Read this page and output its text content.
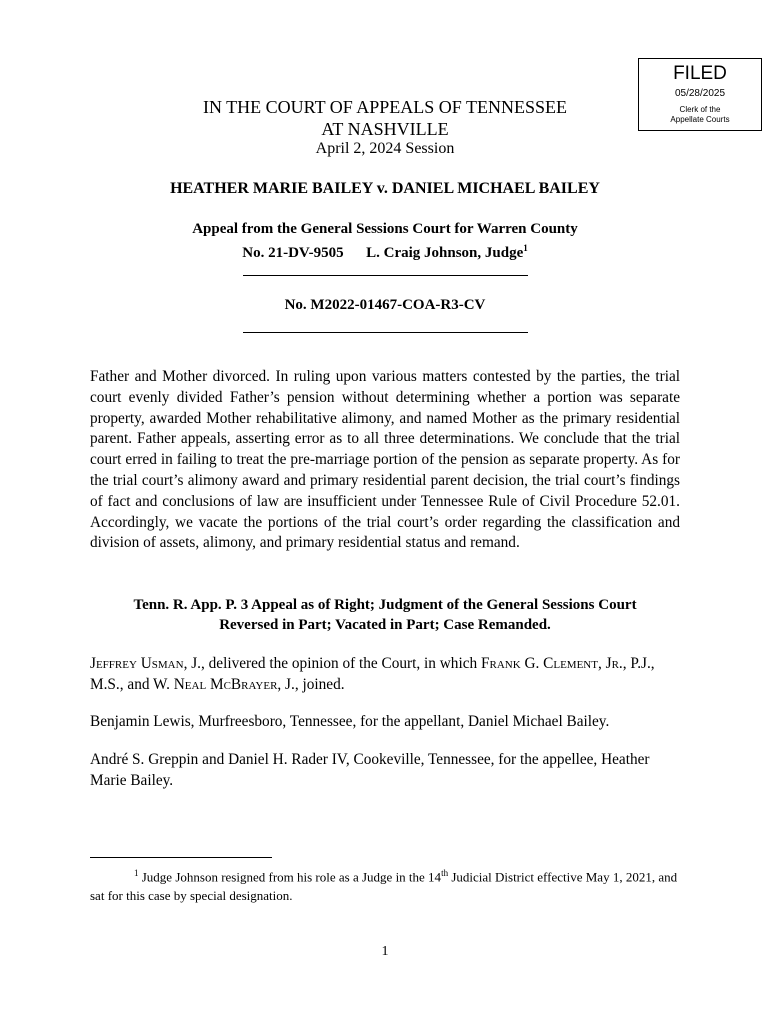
FILED
05/28/2025
Clerk of the
Appellate Courts
IN THE COURT OF APPEALS OF TENNESSEE
AT NASHVILLE
April 2, 2024 Session
HEATHER MARIE BAILEY v. DANIEL MICHAEL BAILEY
Appeal from the General Sessions Court for Warren County
No. 21-DV-9505 L. Craig Johnson, Judge$^1$
No. M2022-01467-COA-R3-CV
Father and Mother divorced. In ruling upon various matters contested by the parties, the trial court evenly divided Father’s pension without determining whether a portion was separate property, awarded Mother rehabilitative alimony, and named Mother as the primary residential parent. Father appeals, asserting error as to all three determinations. We conclude that the trial court erred in failing to treat the pre-marriage portion of the pension as separate property. As for the trial court’s alimony award and primary residential parent decision, the trial court’s findings of fact and conclusions of law are insufficient under Tennessee Rule of Civil Procedure 52.01. Accordingly, we vacate the portions of the trial court’s order regarding the classification and division of assets, alimony, and primary residential status and remand.
Tenn. R. App. P. 3 Appeal as of Right; Judgment of the General Sessions Court
Reversed in Part; Vacated in Part; Case Remanded.
Jeffrey Usman, J., delivered the opinion of the Court, in which Frank G. Clement, Jr., P.J., M.S., and W. Neal McBrayer, J., joined.
Benjamin Lewis, Murfreesboro, Tennessee, for the appellant, Daniel Michael Bailey.
André S. Greppin and Daniel H. Rader IV, Cookeville, Tennessee, for the appellee, Heather Marie Bailey.
$^1$ Judge Johnson resigned from his role as a Judge in the 14th Judicial District effective May 1, 2021, and sat for this case by special designation.
1
